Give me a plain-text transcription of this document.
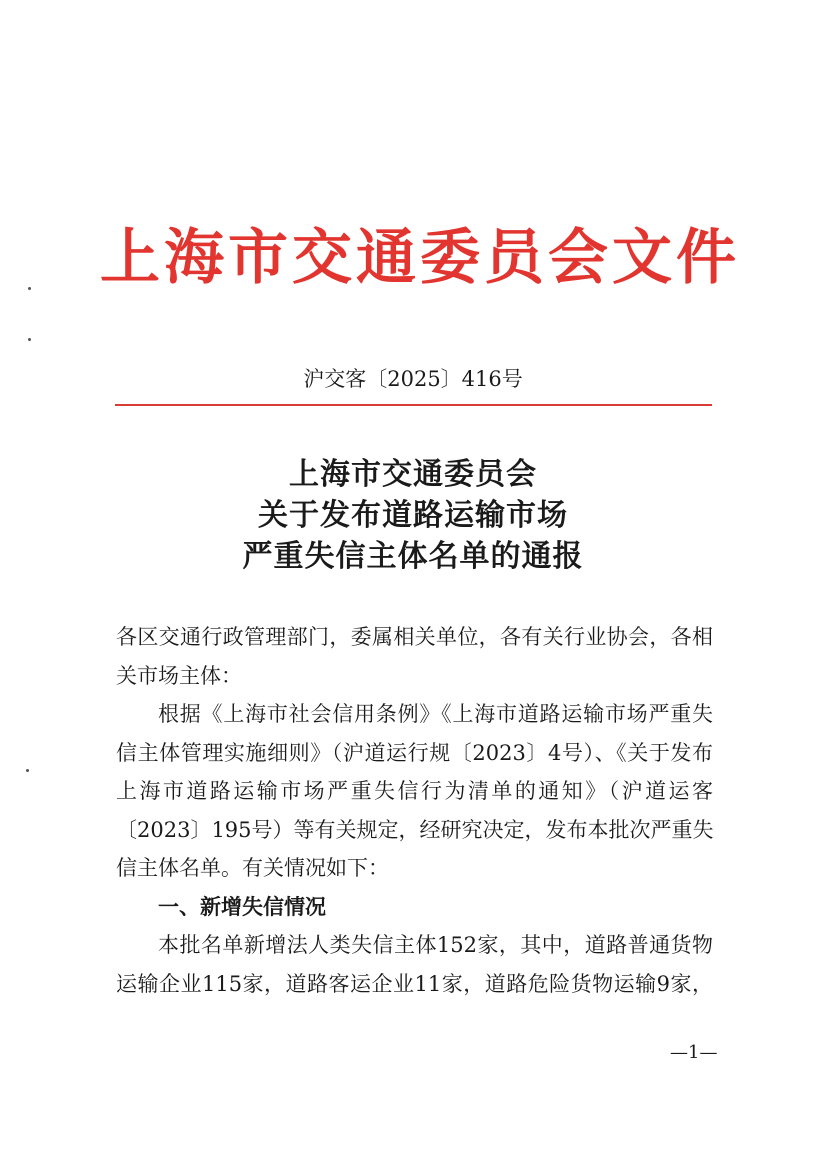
上海市交通委员会文件
沪交客〔2025〕416号
上海市交通委员会
关于发布道路运输市场
严重失信主体名单的通报
各区交通行政管理部门，委属相关单位，各有关行业协会，各相
关市场主体：
根据《上海市社会信用条例》《上海市道路运输市场严重失
信主体管理实施细则》（沪道运行规〔2023〕4号）、《关于发布
上海市道路运输市场严重失信行为清单的通知》（沪道运客
〔2023〕195号）等有关规定，经研究决定，发布本批次严重失
信主体名单。有关情况如下：
一、新增失信情况
本批名单新增法人类失信主体152家，其中，道路普通货物
运输企业115家，道路客运企业11家，道路危险货物运输9家，
—1—
